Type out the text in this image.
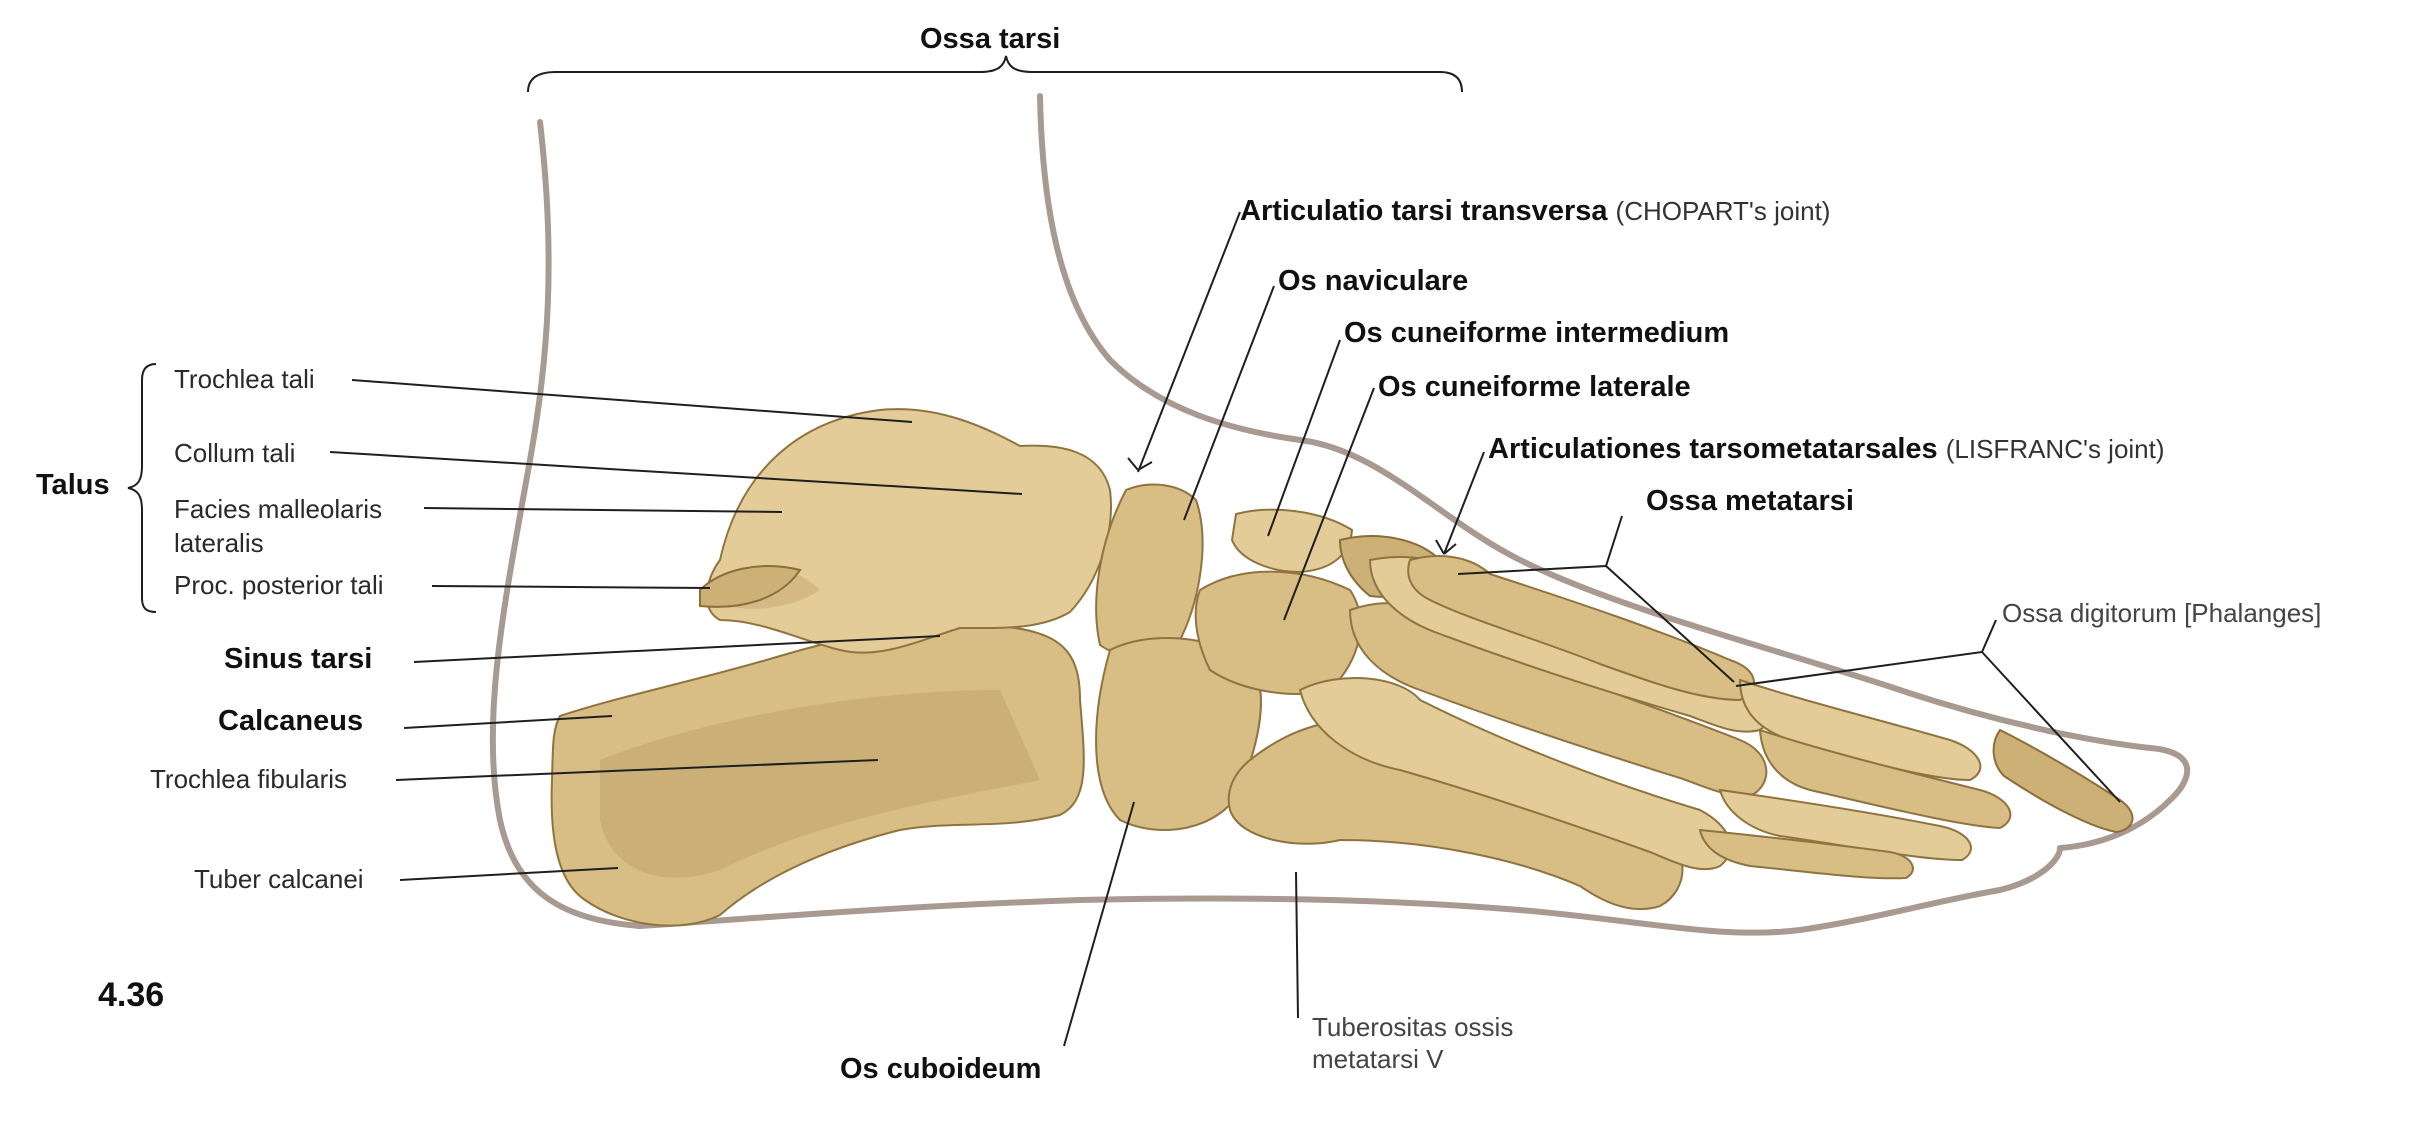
Ossa tarsi
Talus
Trochlea tali
Collum tali
Facies malleolaris
lateralis
Proc. posterior tali
Sinus tarsi
Calcaneus
Trochlea fibularis
Tuber calcanei
4.36
Articulatio tarsi transversa (CHOPART's joint)
Os naviculare
Os cuneiforme intermedium
Os cuneiforme laterale
Articulationes tarsometatarsales (LISFRANC's joint)
Ossa metatarsi
Ossa digitorum [Phalanges]
Os cuboideum
Tuberositas ossis
metatarsi V
